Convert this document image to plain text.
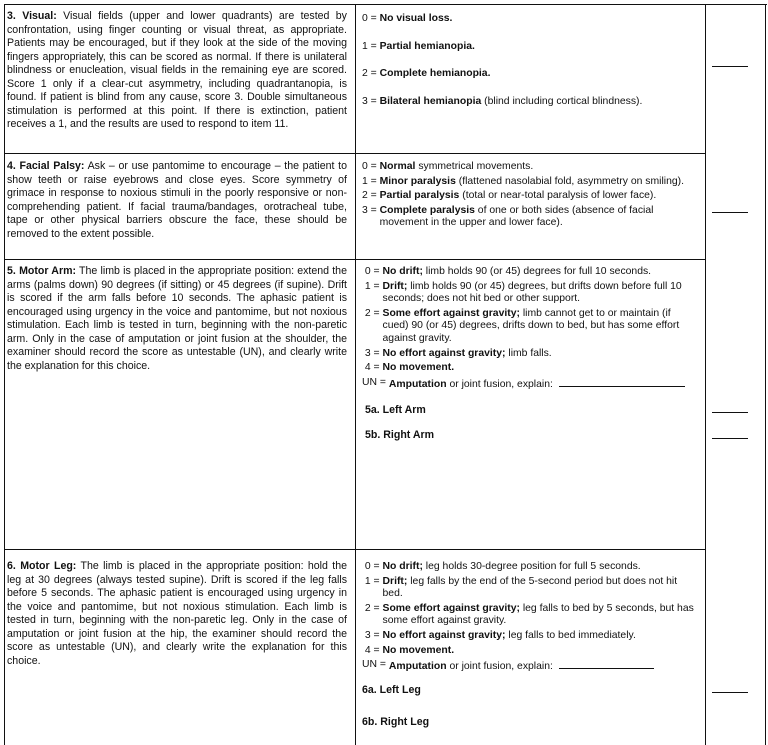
3. Visual: Visual fields (upper and lower quadrants) are tested by confrontation, using finger counting or visual threat, as appropriate. Patients may be encouraged, but if they look at the side of the moving fingers appropriately, this can be scored as normal. If there is unilateral blindness or enucleation, visual fields in the remaining eye are scored. Score 1 only if a clear-cut asymmetry, including quadrantanopia, is found. If patient is blind from any cause, score 3. Double simultaneous stimulation is performed at this point. If there is extinction, patient receives a 1, and the results are used to respond to item 11.
0 = No visual loss.
1 = Partial hemianopia.
2 = Complete hemianopia.
3 = Bilateral hemianopia (blind including cortical blindness).
4. Facial Palsy: Ask – or use pantomime to encourage – the patient to show teeth or raise eyebrows and close eyes. Score symmetry of grimace in response to noxious stimuli in the poorly responsive or non-comprehending patient. If facial trauma/bandages, orotracheal tube, tape or other physical barriers obscure the face, these should be removed to the extent possible.
0 = Normal symmetrical movements.
1 = Minor paralysis (flattened nasolabial fold, asymmetry on smiling).
2 = Partial paralysis (total or near-total paralysis of lower face).
3 = Complete paralysis of one or both sides (absence of facial movement in the upper and lower face).
5. Motor Arm: The limb is placed in the appropriate position: extend the arms (palms down) 90 degrees (if sitting) or 45 degrees (if supine). Drift is scored if the arm falls before 10 seconds. The aphasic patient is encouraged using urgency in the voice and pantomime, but not noxious stimulation. Each limb is tested in turn, beginning with the non-paretic arm. Only in the case of amputation or joint fusion at the shoulder, the examiner should record the score as untestable (UN), and clearly write the explanation for this choice.
0 = No drift; limb holds 90 (or 45) degrees for full 10 seconds.
1 = Drift; limb holds 90 (or 45) degrees, but drifts down before full 10 seconds; does not hit bed or other support.
2 = Some effort against gravity; limb cannot get to or maintain (if cued) 90 (or 45) degrees, drifts down to bed, but has some effort against gravity.
3 = No effort against gravity; limb falls.
4 = No movement.
UN = Amputation or joint fusion, explain:
5a. Left Arm
5b. Right Arm
6. Motor Leg: The limb is placed in the appropriate position: hold the leg at 30 degrees (always tested supine). Drift is scored if the leg falls before 5 seconds. The aphasic patient is encouraged using urgency in the voice and pantomime, but not noxious stimulation. Each limb is tested in turn, beginning with the non-paretic leg. Only in the case of amputation or joint fusion at the hip, the examiner should record the score as untestable (UN), and clearly write the explanation for this choice.
0 = No drift; leg holds 30-degree position for full 5 seconds.
1 = Drift; leg falls by the end of the 5-second period but does not hit bed.
2 = Some effort against gravity; leg falls to bed by 5 seconds, but has some effort against gravity.
3 = No effort against gravity; leg falls to bed immediately.
4 = No movement.
UN = Amputation or joint fusion, explain:
6a. Left Leg
6b. Right Leg
